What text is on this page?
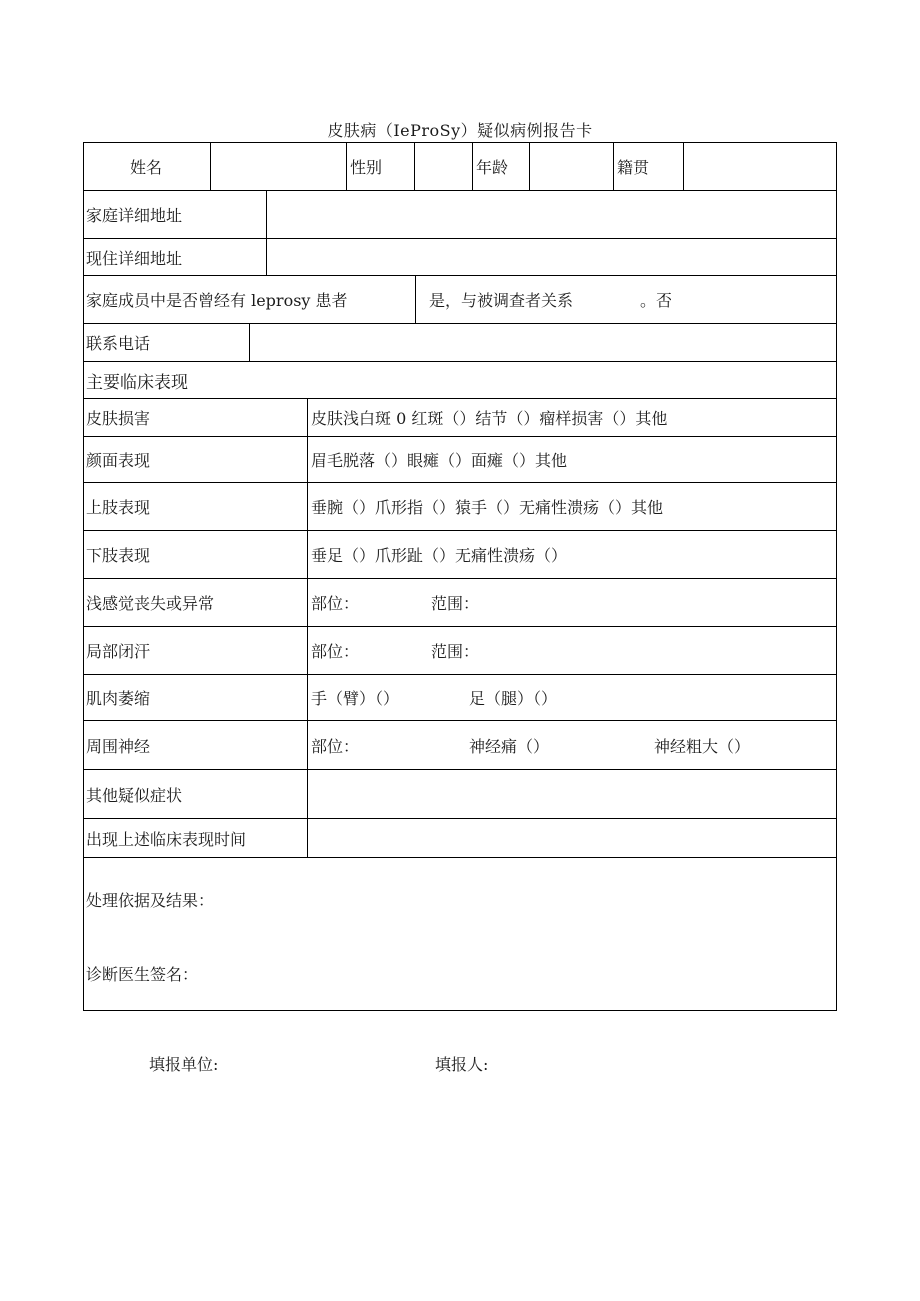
皮肤病（IeProSy）疑似病例报告卡
姓名	性别	年龄	籍贯
家庭详细地址
现住详细地址
家庭成员中是否曾经有 leprosy 患者	是，与被调查者关系	。否
联系电话
主要临床表现
皮肤损害	皮肤浅白斑 0 红斑（）结节（）瘤样损害（）其他
颜面表现	眉毛脱落（）眼瘫（）面瘫（）其他
上肢表现	垂腕（）爪形指（）猿手（）无痛性溃疡（）其他
下肢表现	垂足（）爪形趾（）无痛性溃疡（）
浅感觉丧失或异常	部位：	范围：
局部闭汗	部位：	范围：
肌肉萎缩	手（臂）（）	足（腿）（）
周围神经	部位：	神经痛（）	神经粗大（）
其他疑似症状
出现上述临床表现时间
处理依据及结果：
诊断医生签名：
填报单位:	填报人:
